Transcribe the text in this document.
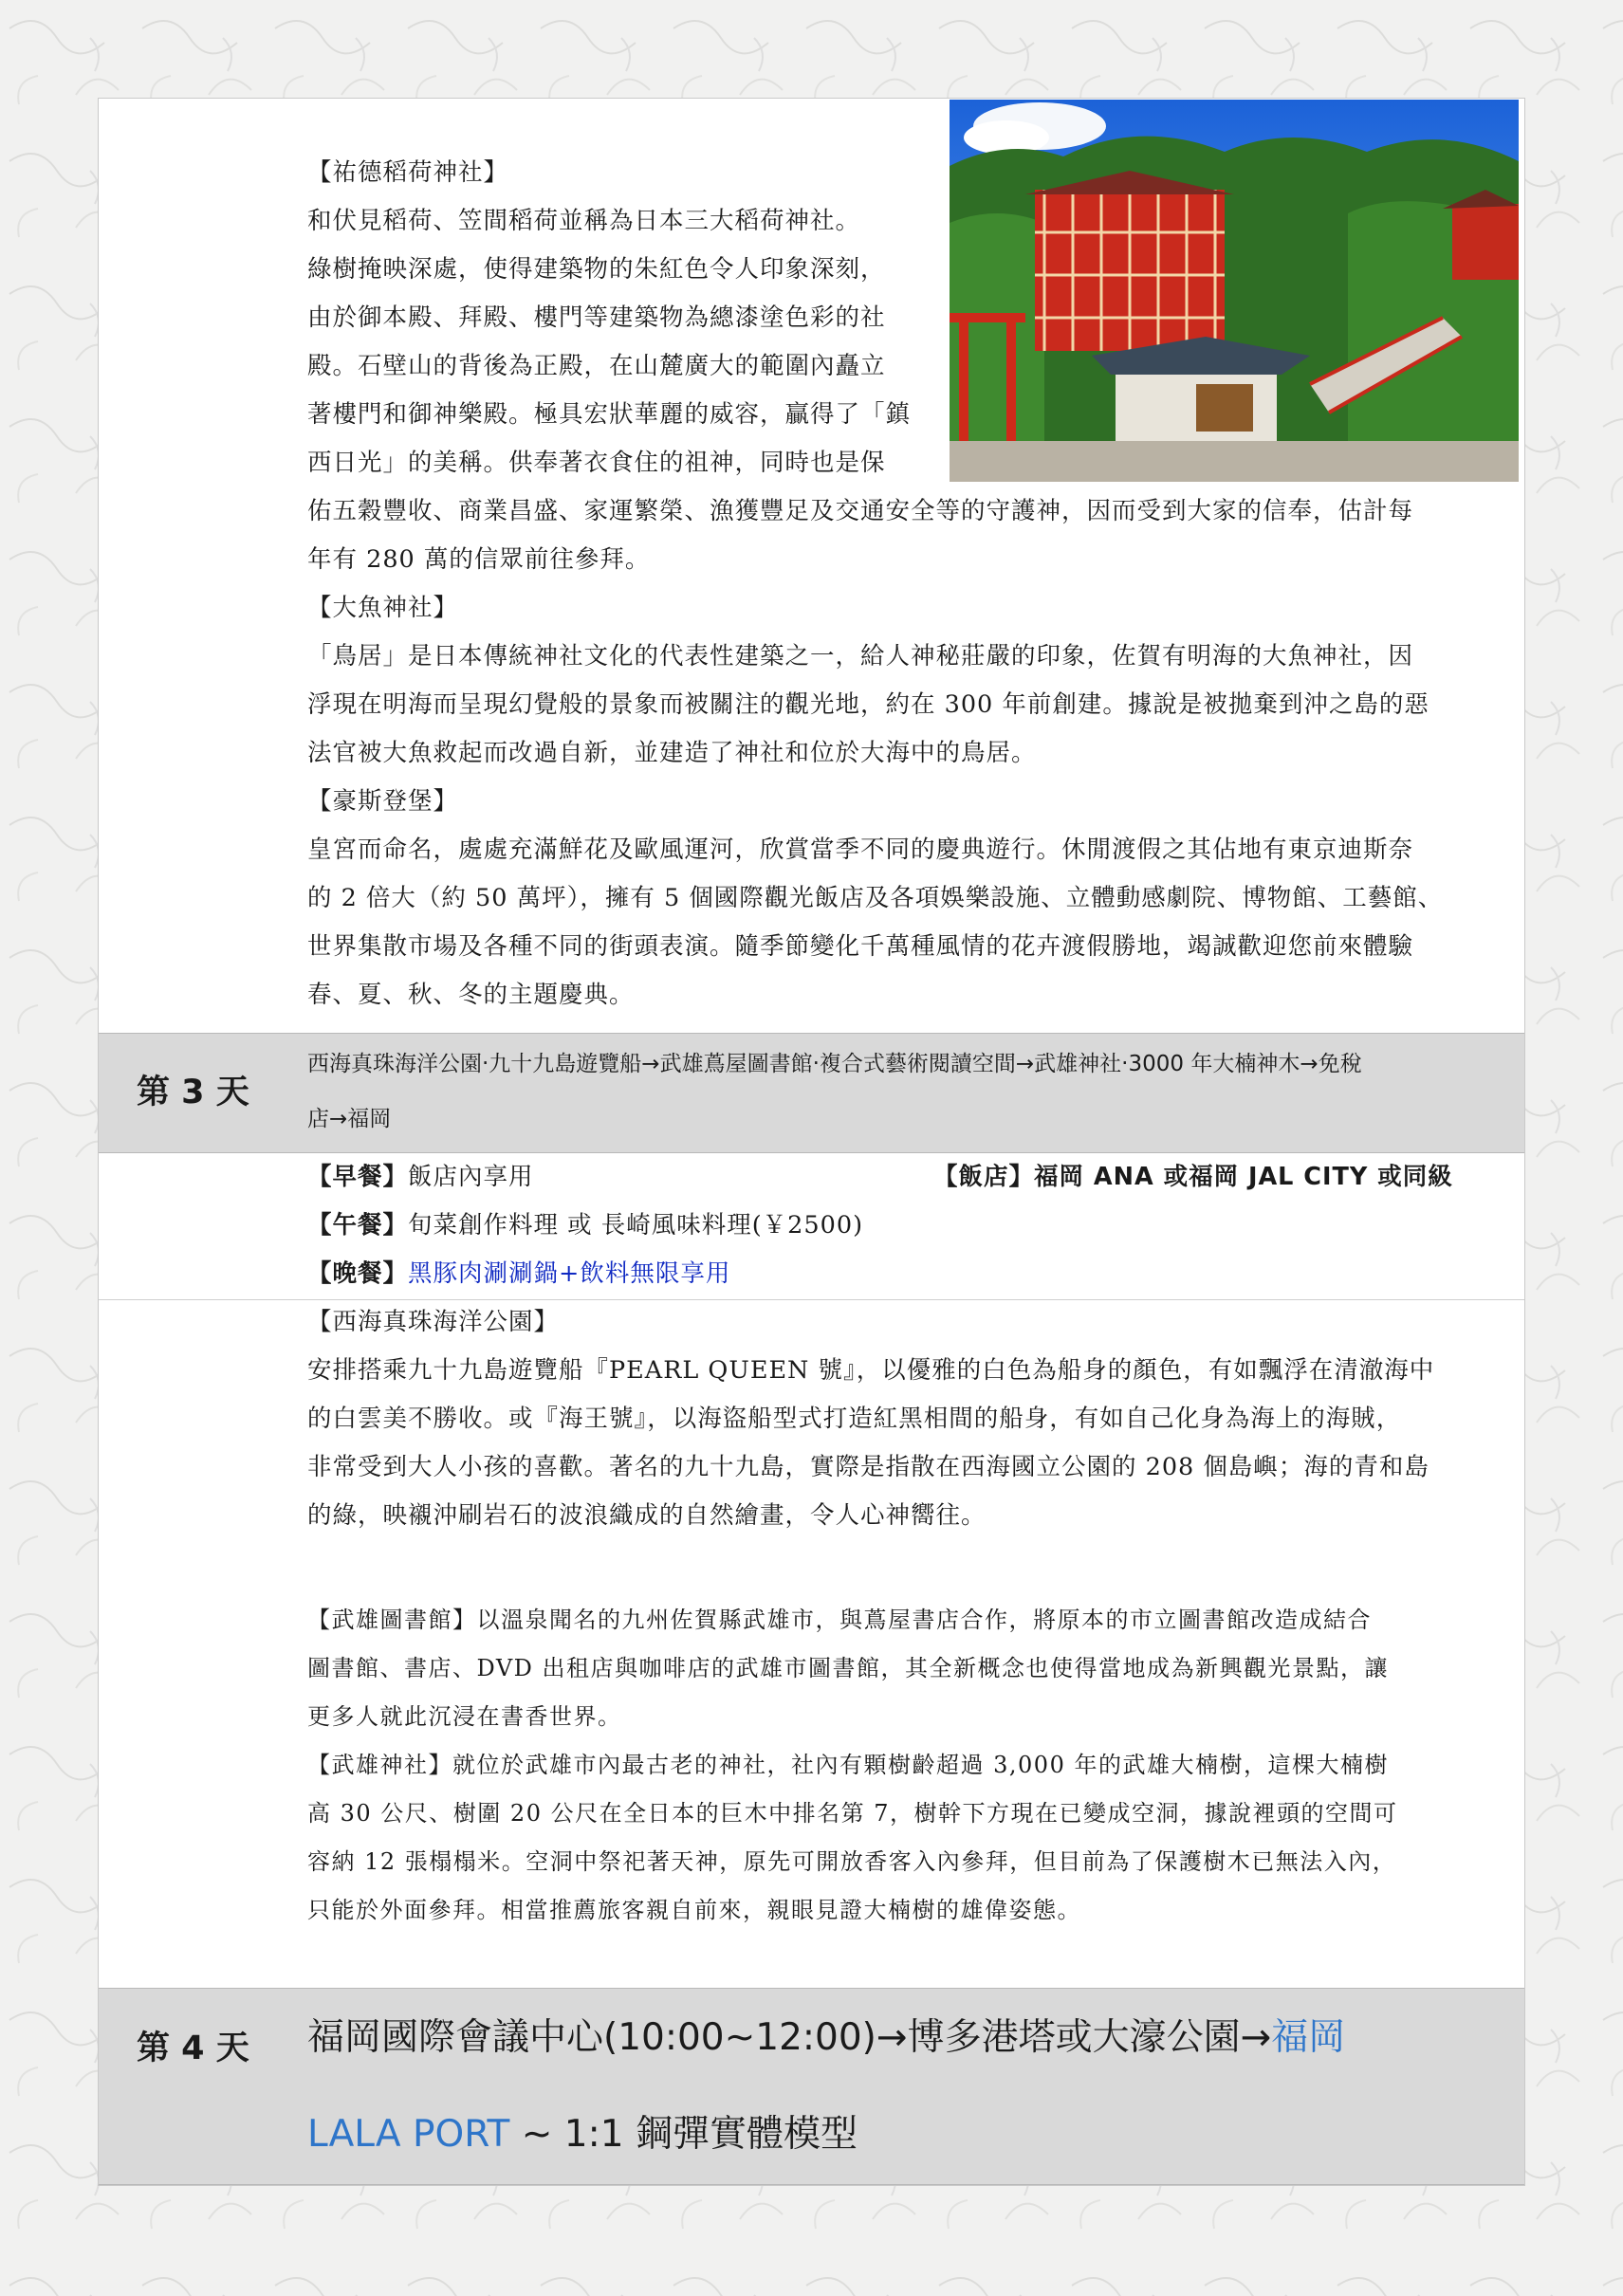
【祐德稻荷神社】
和伏見稻荷、笠間稻荷並稱為日本三大稻荷神社。
綠樹掩映深處，使得建築物的朱紅色令人印象深刻，
由於御本殿、拜殿、樓門等建築物為總漆塗色彩的社
殿。石壁山的背後為正殿，在山麓廣大的範圍內矗立
著樓門和御神樂殿。極具宏狀華麗的威容，贏得了「鎮
西日光」的美稱。供奉著衣食住的祖神，同時也是保
佑五穀豐收、商業昌盛、家運繁榮、漁獲豐足及交通安全等的守護神，因而受到大家的信奉，估計每
年有 280 萬的信眾前往參拜。
【大魚神社】
「鳥居」是日本傳統神社文化的代表性建築之一，給人神秘莊嚴的印象，佐賀有明海的大魚神社，因
浮現在明海而呈現幻覺般的景象而被關注的觀光地，約在 300 年前創建。據說是被拋棄到沖之島的惡
法官被大魚救起而改過自新，並建造了神社和位於大海中的鳥居。
【豪斯登堡】
皇宮而命名，處處充滿鮮花及歐風運河，欣賞當季不同的慶典遊行。休閒渡假之其佔地有東京迪斯奈
的 2 倍大（約 50 萬坪），擁有 5 個國際觀光飯店及各項娛樂設施、立體動感劇院、博物館、工藝館、
世界集散市場及各種不同的街頭表演。隨季節變化千萬種風情的花卉渡假勝地，竭誠歡迎您前來體驗
春、夏、秋、冬的主題慶典。
第 3 天
西海真珠海洋公園‧九十九島遊覽船→武雄蔦屋圖書館‧複合式藝術閱讀空間→武雄神社‧3000 年大楠神木→免稅
店→福岡
【早餐】飯店內享用	【飯店】福岡 ANA 或福岡 JAL CITY 或同級
【午餐】旬菜創作料理 或 長崎風味料理(￥2500)
【晚餐】黑豚肉涮涮鍋+飲料無限享用
【西海真珠海洋公園】
安排搭乘九十九島遊覽船『PEARL QUEEN 號』，以優雅的白色為船身的顏色，有如飄浮在清澈海中
的白雲美不勝收。或『海王號』，以海盜船型式打造紅黑相間的船身，有如自己化身為海上的海賊，
非常受到大人小孩的喜歡。著名的九十九島，實際是指散在西海國立公園的 208 個島嶼；海的青和島
的綠，映襯沖刷岩石的波浪織成的自然繪畫，令人心神嚮往。
【武雄圖書館】以溫泉聞名的九州佐賀縣武雄市，與蔦屋書店合作，將原本的市立圖書館改造成結合
圖書館、書店、DVD 出租店與咖啡店的武雄市圖書館，其全新概念也使得當地成為新興觀光景點，讓
更多人就此沉浸在書香世界。
【武雄神社】就位於武雄市內最古老的神社，社內有顆樹齡超過 3,000 年的武雄大楠樹，這棵大楠樹
高 30 公尺、樹圍 20 公尺在全日本的巨木中排名第 7，樹幹下方現在已變成空洞，據說裡頭的空間可
容納 12 張榻榻米。空洞中祭祀著天神，原先可開放香客入內參拜，但目前為了保護樹木已無法入內，
只能於外面參拜。相當推薦旅客親自前來，親眼見證大楠樹的雄偉姿態。
第 4 天 福岡國際會議中心(10:00~12:00)→博多港塔或大濠公園→福岡
LALA PORT ~ 1:1 鋼彈實體模型
